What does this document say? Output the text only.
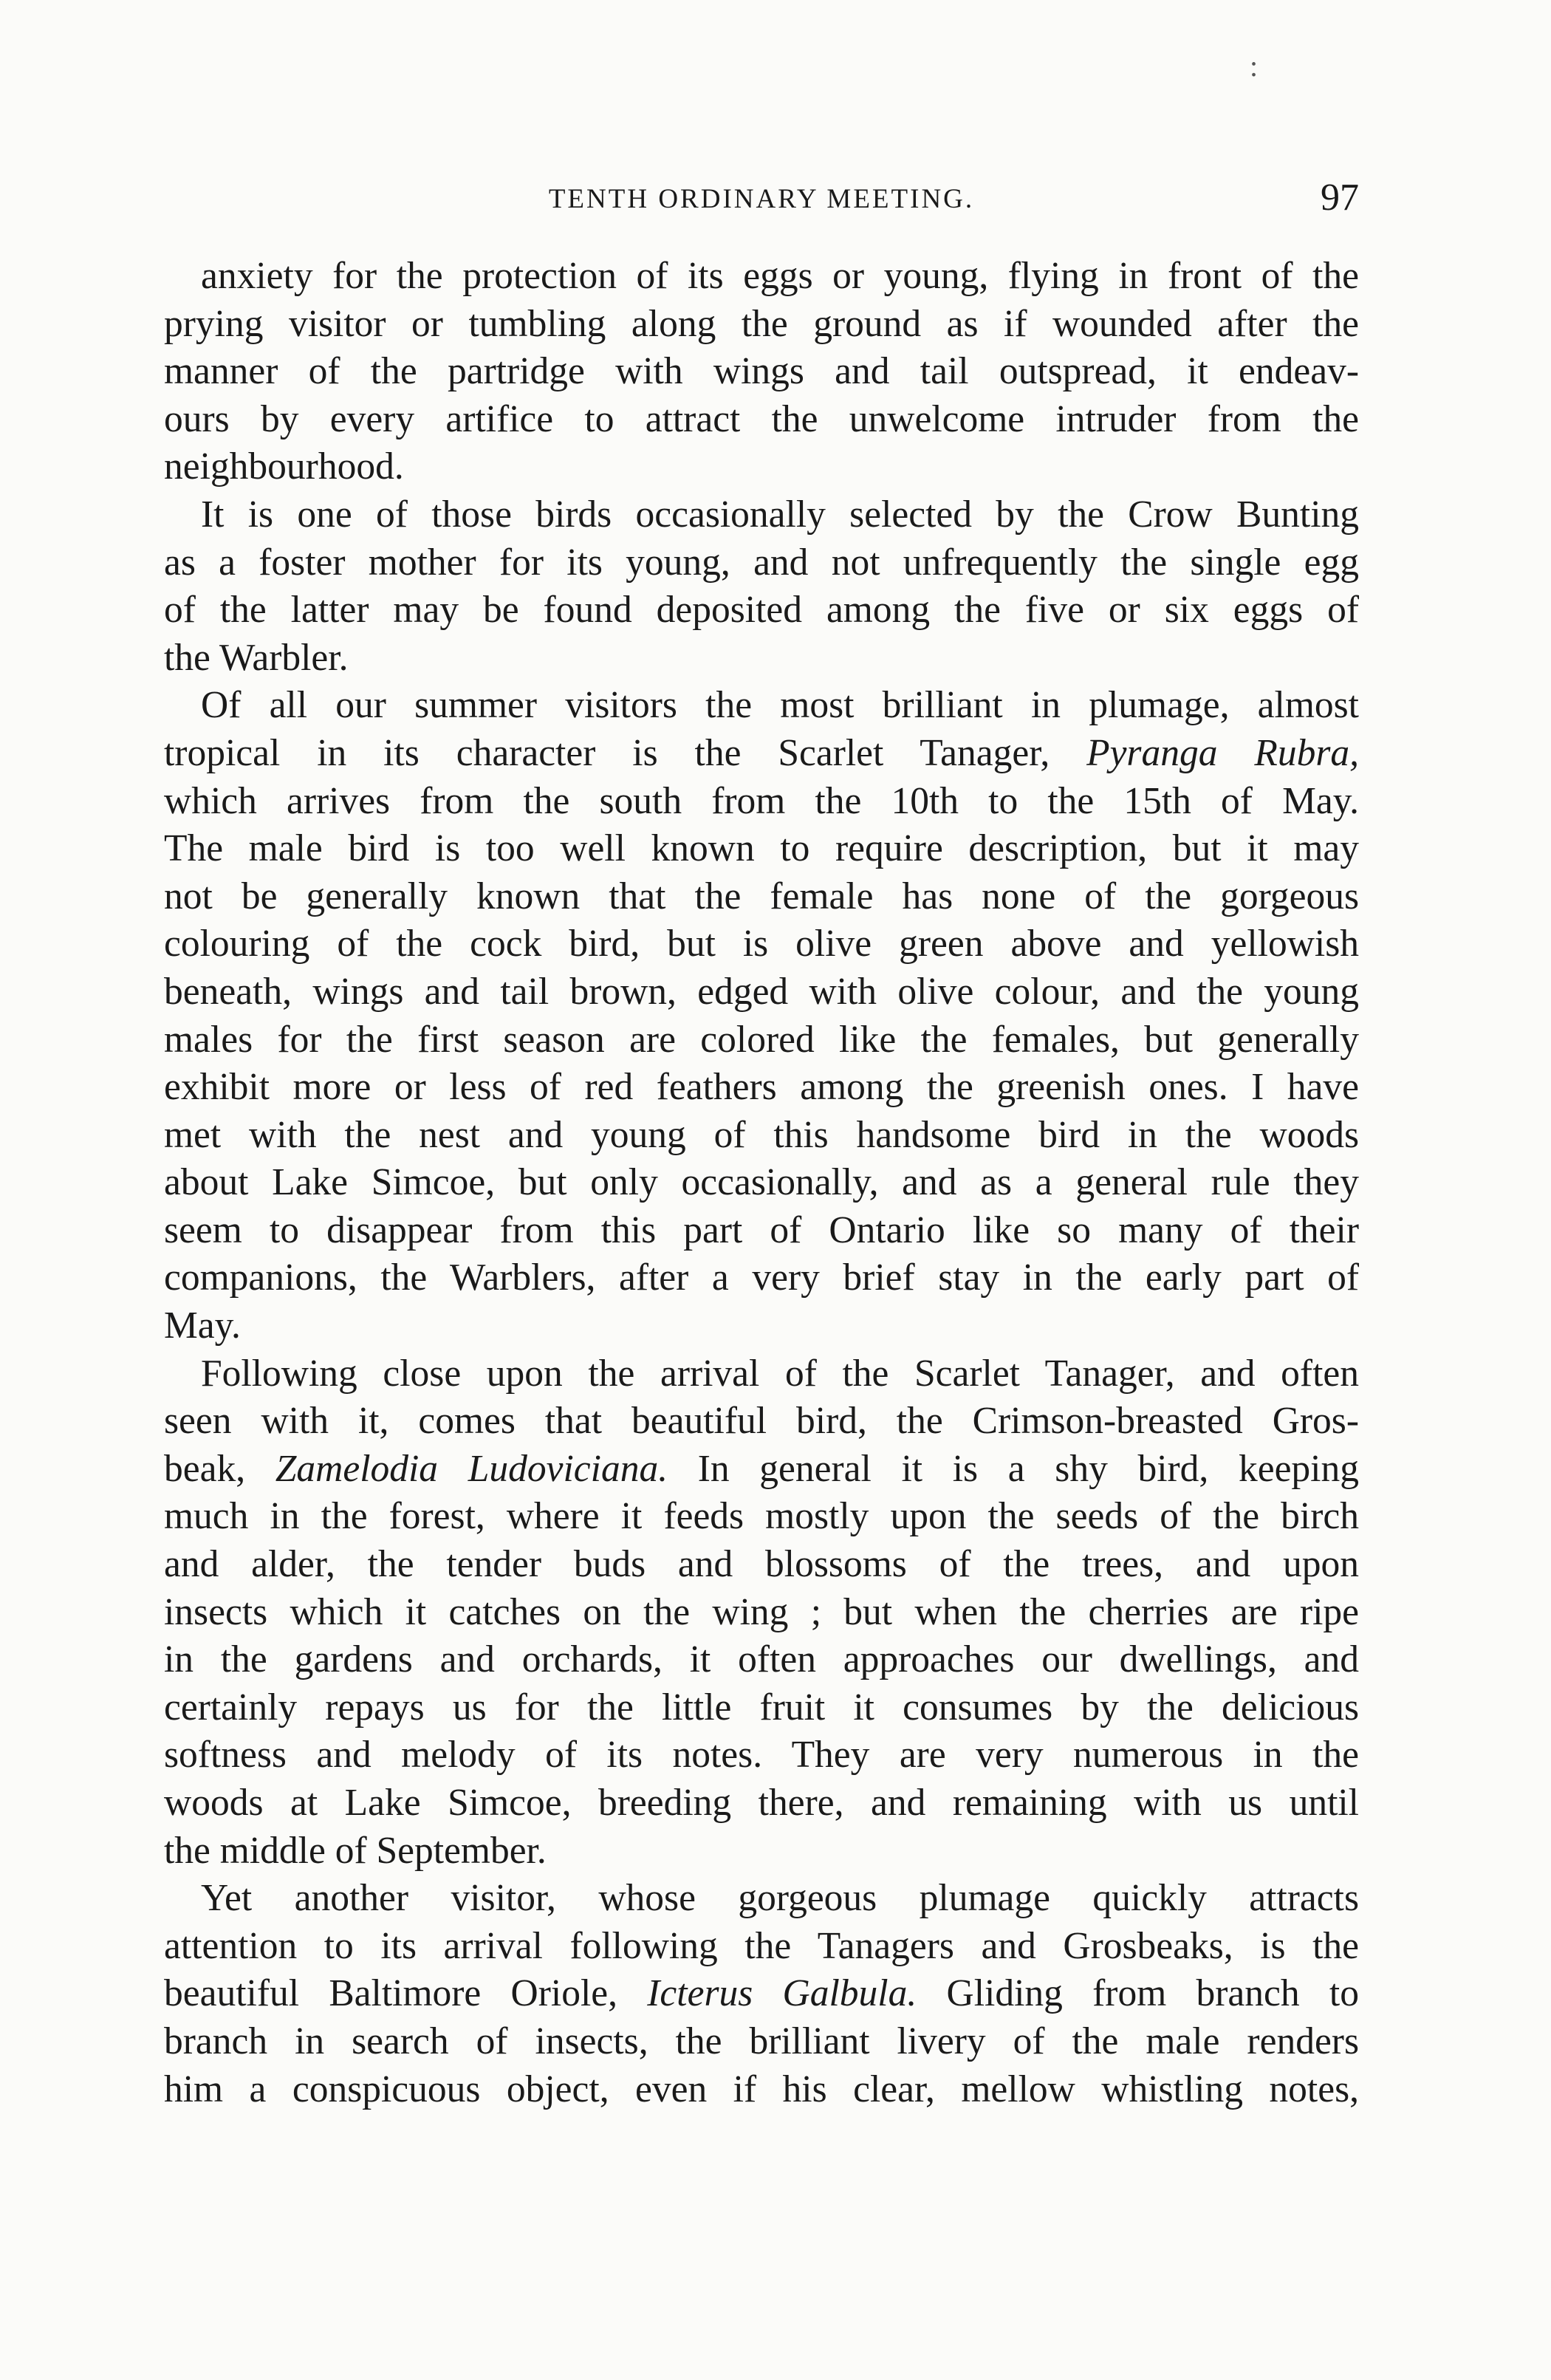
TENTH ORDINARY MEETING.	97
:
anxiety for the protection of its eggs or young, flying in front of the
prying visitor or tumbling along the ground as if wounded after the
manner of the partridge with wings and tail outspread, it endeav-
ours by every artifice to attract the unwelcome intruder from the
neighbourhood.
It is one of those birds occasionally selected by the Crow Bunting
as a foster mother for its young, and not unfrequently the single egg
of the latter may be found deposited among the five or six eggs of
the Warbler.
Of all our summer visitors the most brilliant in plumage, almost
tropical in its character is the Scarlet Tanager, Pyranga Rubra,
which arrives from the south from the 10th to the 15th of May.
The male bird is too well known to require description, but it may
not be generally known that the female has none of the gorgeous
colouring of the cock bird, but is olive green above and yellowish
beneath, wings and tail brown, edged with olive colour, and the young
males for the first season are colored like the females, but generally
exhibit more or less of red feathers among the greenish ones. I have
met with the nest and young of this handsome bird in the woods
about Lake Simcoe, but only occasionally, and as a general rule they
seem to disappear from this part of Ontario like so many of their
companions, the Warblers, after a very brief stay in the early part of
May.
Following close upon the arrival of the Scarlet Tanager, and often
seen with it, comes that beautiful bird, the Crimson-breasted Gros-
beak, Zamelodia Ludoviciana. In general it is a shy bird, keeping
much in the forest, where it feeds mostly upon the seeds of the birch
and alder, the tender buds and blossoms of the trees, and upon
insects which it catches on the wing ; but when the cherries are ripe
in the gardens and orchards, it often approaches our dwellings, and
certainly repays us for the little fruit it consumes by the delicious
softness and melody of its notes. They are very numerous in the
woods at Lake Simcoe, breeding there, and remaining with us until
the middle of September.
Yet another visitor, whose gorgeous plumage quickly attracts
attention to its arrival following the Tanagers and Grosbeaks, is the
beautiful Baltimore Oriole, Icterus Galbula. Gliding from branch to
branch in search of insects, the brilliant livery of the male renders
him a conspicuous object, even if his clear, mellow whistling notes,
